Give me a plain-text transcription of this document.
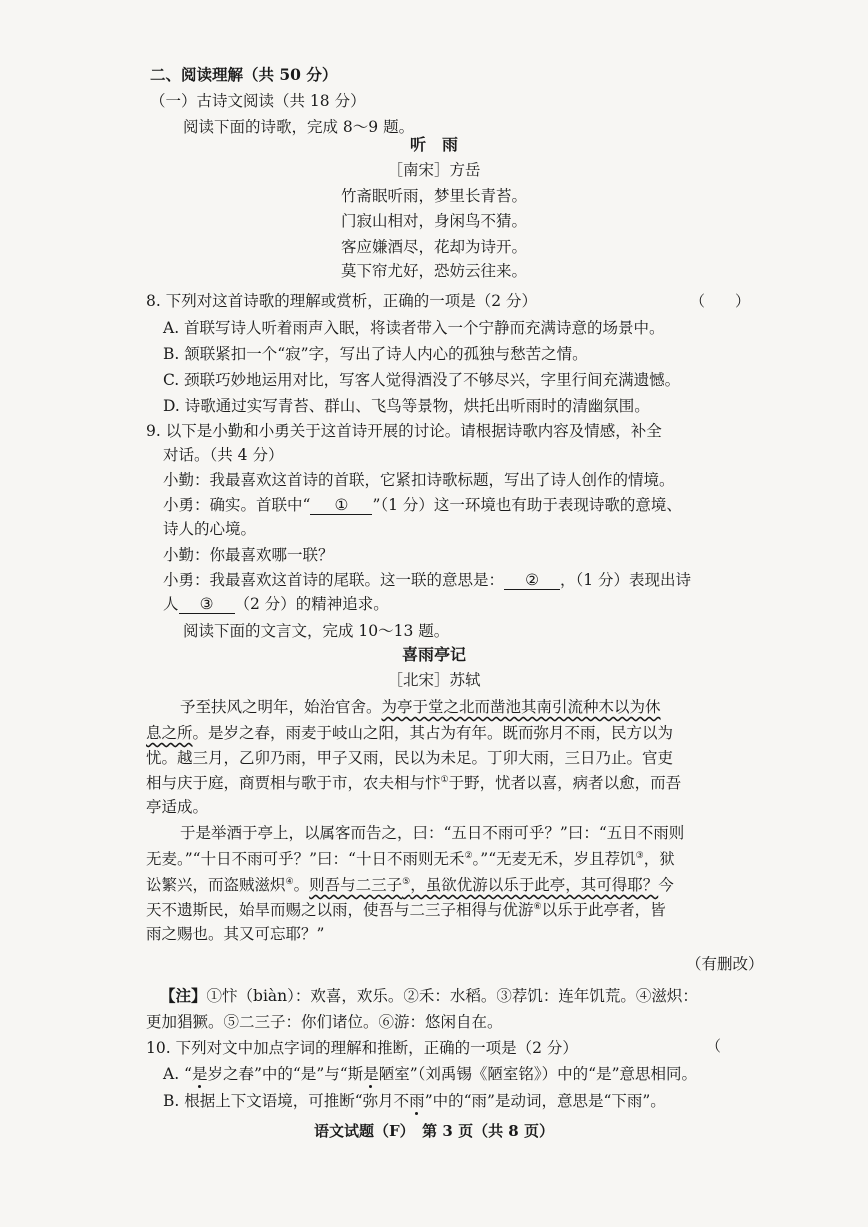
二、阅读理解（共 50 分）
（一）古诗文阅读（共 18 分）
阅读下面的诗歌，完成 8～9 题。
听　雨
［南宋］方岳
竹斋眠听雨，梦里长青苔。
门寂山相对，身闲鸟不猜。
客应嫌酒尽，花却为诗开。
莫下帘尤好，恐妨云往来。
8. 下列对这首诗歌的理解或赏析，正确的一项是（2 分）	（　　）
A. 首联写诗人听着雨声入眠，将读者带入一个宁静而充满诗意的场景中。
B. 颔联紧扣一个“寂”字，写出了诗人内心的孤独与愁苦之情。
C. 颈联巧妙地运用对比，写客人觉得酒没了不够尽兴，字里行间充满遗憾。
D. 诗歌通过实写青苔、群山、飞鸟等景物，烘托出听雨时的清幽氛围。
9. 以下是小勤和小勇关于这首诗开展的讨论。请根据诗歌内容及情感，补全
对话。（共 4 分）
小勤：我最喜欢这首诗的首联，它紧扣诗歌标题，写出了诗人创作的情境。
小勇：确实。首联中“ ① ”（1 分）这一环境也有助于表现诗歌的意境、
诗人的心境。
小勤：你最喜欢哪一联？
小勇：我最喜欢这首诗的尾联。这一联的意思是： ② ，（1 分）表现出诗
人 ③ （2 分）的精神追求。
阅读下面的文言文，完成 10～13 题。
喜雨亭记
［北宋］苏轼
予至扶风之明年，始治官舍。为亭于堂之北而凿池其南引流种木以为休
息之所。是岁之春，雨麦于岐山之阳，其占为有年。既而弥月不雨，民方以为
忧。越三月，乙卯乃雨，甲子又雨，民以为未足。丁卯大雨，三日乃止。官吏
相与庆于庭，商贾相与歌于市，农夫相与忭①于野，忧者以喜，病者以愈，而吾
亭适成。
于是举酒于亭上，以属客而告之，曰：“五日不雨可乎？”曰：“五日不雨则
无麦。”“十日不雨可乎？”曰：“十日不雨则无禾②。”“无麦无禾，岁且荐饥③，狱
讼繁兴，而盗贼滋炽④。则吾与二三子⑤，虽欲优游以乐于此亭，其可得耶？今
天不遗斯民，始旱而赐之以雨，使吾与二三子相得与优游⑥以乐于此亭者，皆
雨之赐也。其又可忘耶？”
（有删改）
【注】①忭（biàn）：欢喜，欢乐。②禾：水稻。③荐饥：连年饥荒。④滋炽：
更加猖獗。⑤二三子：你们诸位。⑥游：悠闲自在。
10. 下列对文中加点字词的理解和推断，正确的一项是（2 分）	（
A. “是岁之春”中的“是”与“斯是陋室”（刘禹锡《陋室铭》）中的“是”意思相同。
B. 根据上下文语境，可推断“弥月不雨”中的“雨”是动词，意思是“下雨”。
语文试题（F）　第 3 页（共 8 页）
